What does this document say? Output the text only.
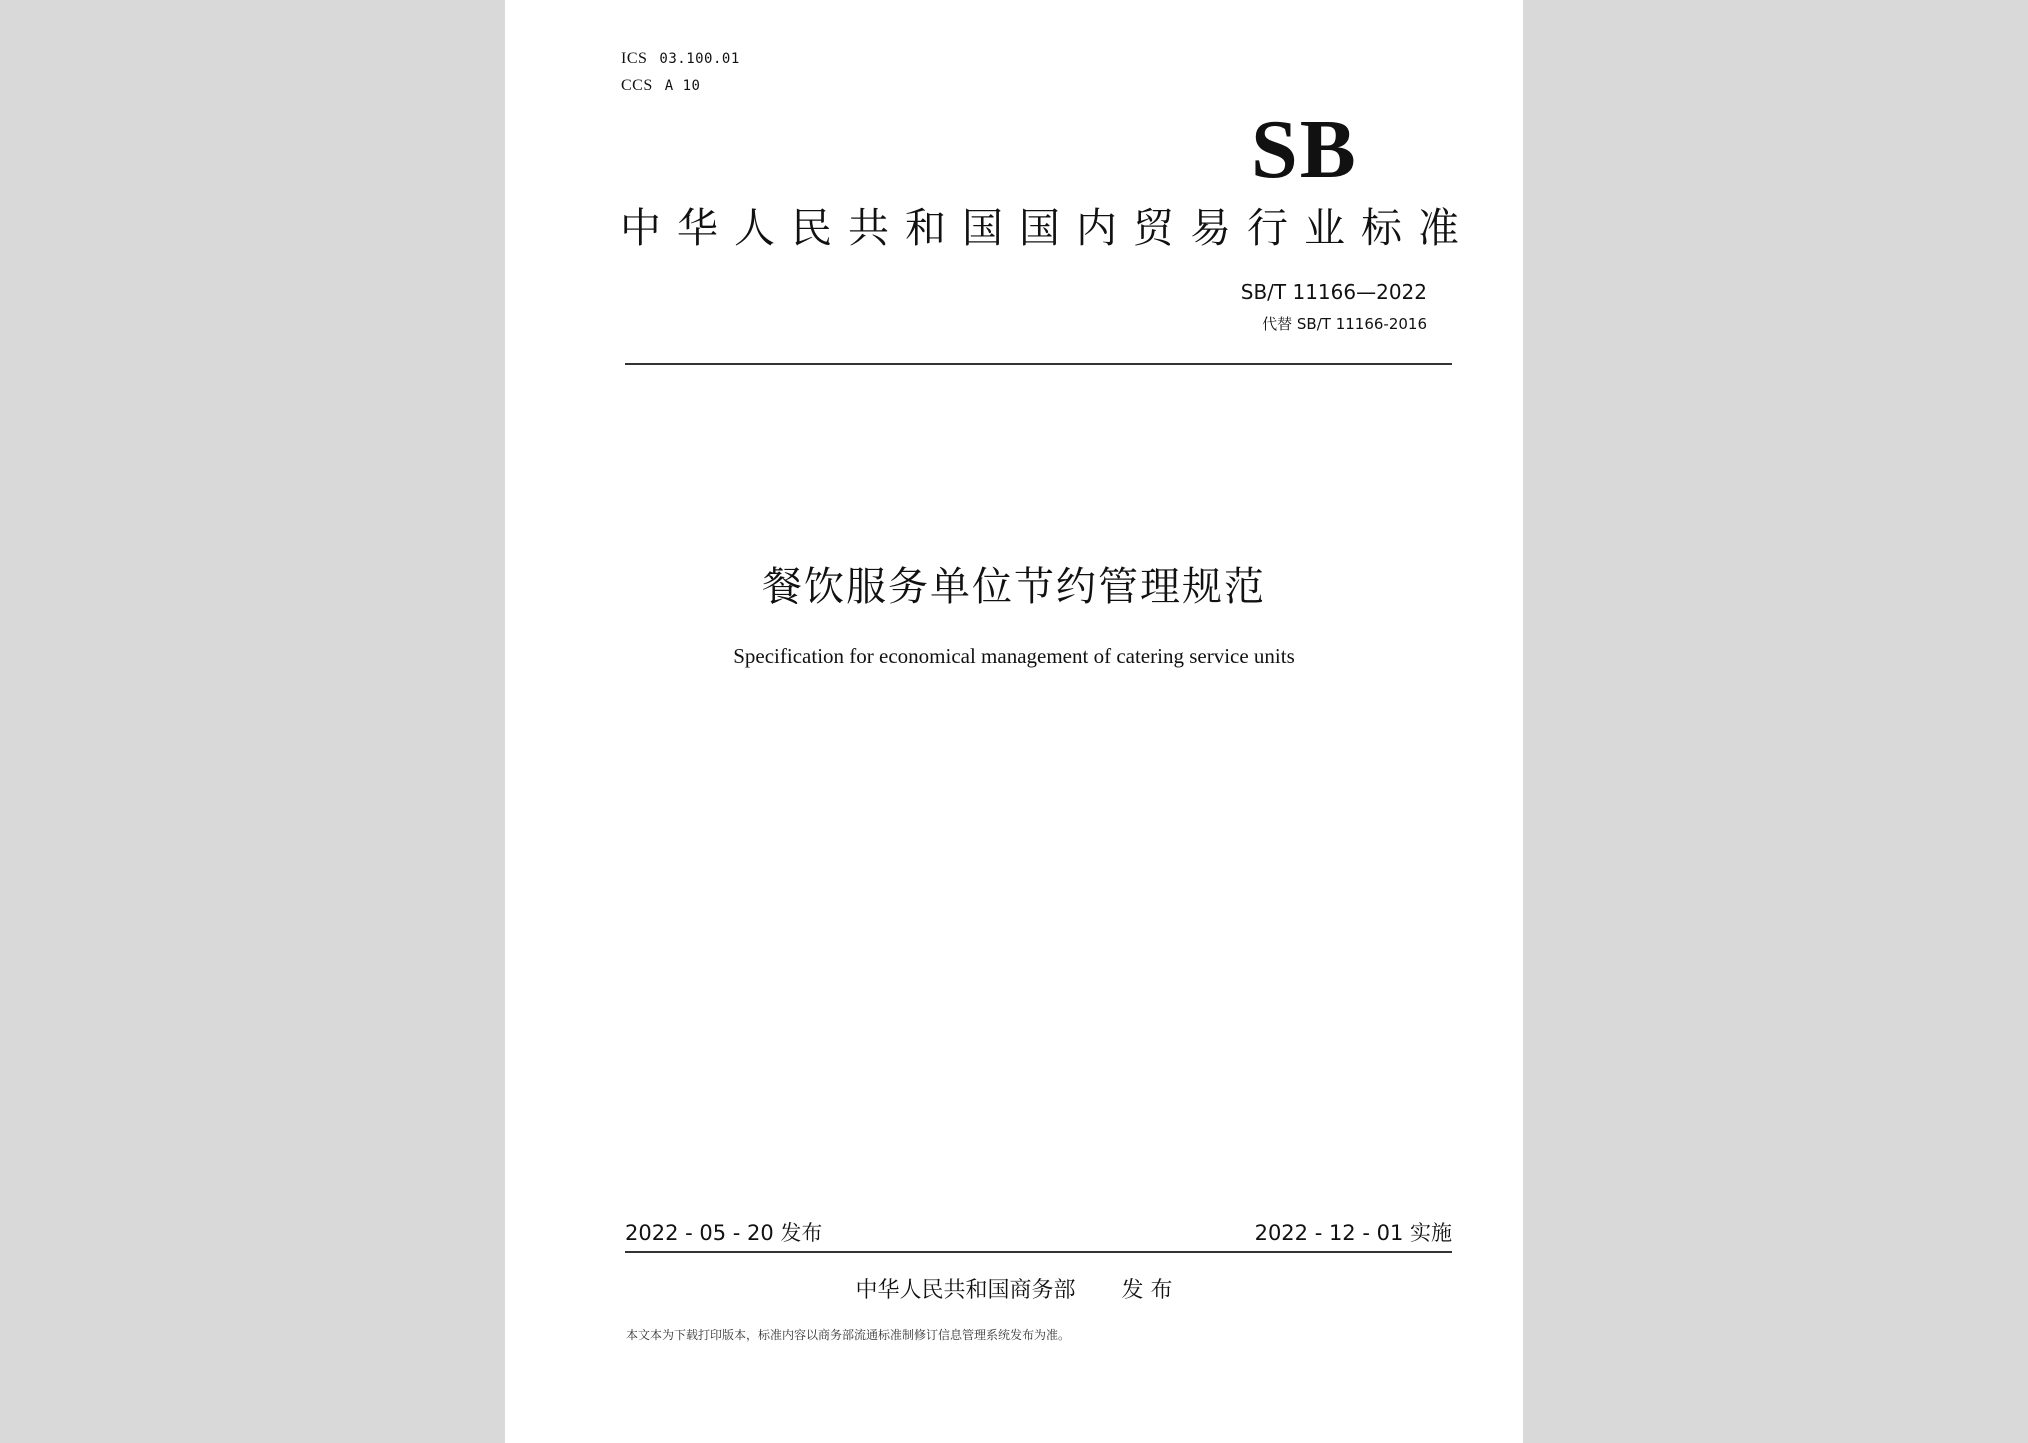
ICS 03.100.01
CCS A 10
SB
中华人民共和国国内贸易行业标准
SB/T 11166—2022
代替 SB/T 11166-2016
餐饮服务单位节约管理规范
Specification for economical management of catering service units
2022 - 05 - 20 发布	2022 - 12 - 01 实施
中华人民共和国商务部 发 布
本文本为下载打印版本，标准内容以商务部流通标准制修订信息管理系统发布为准。
